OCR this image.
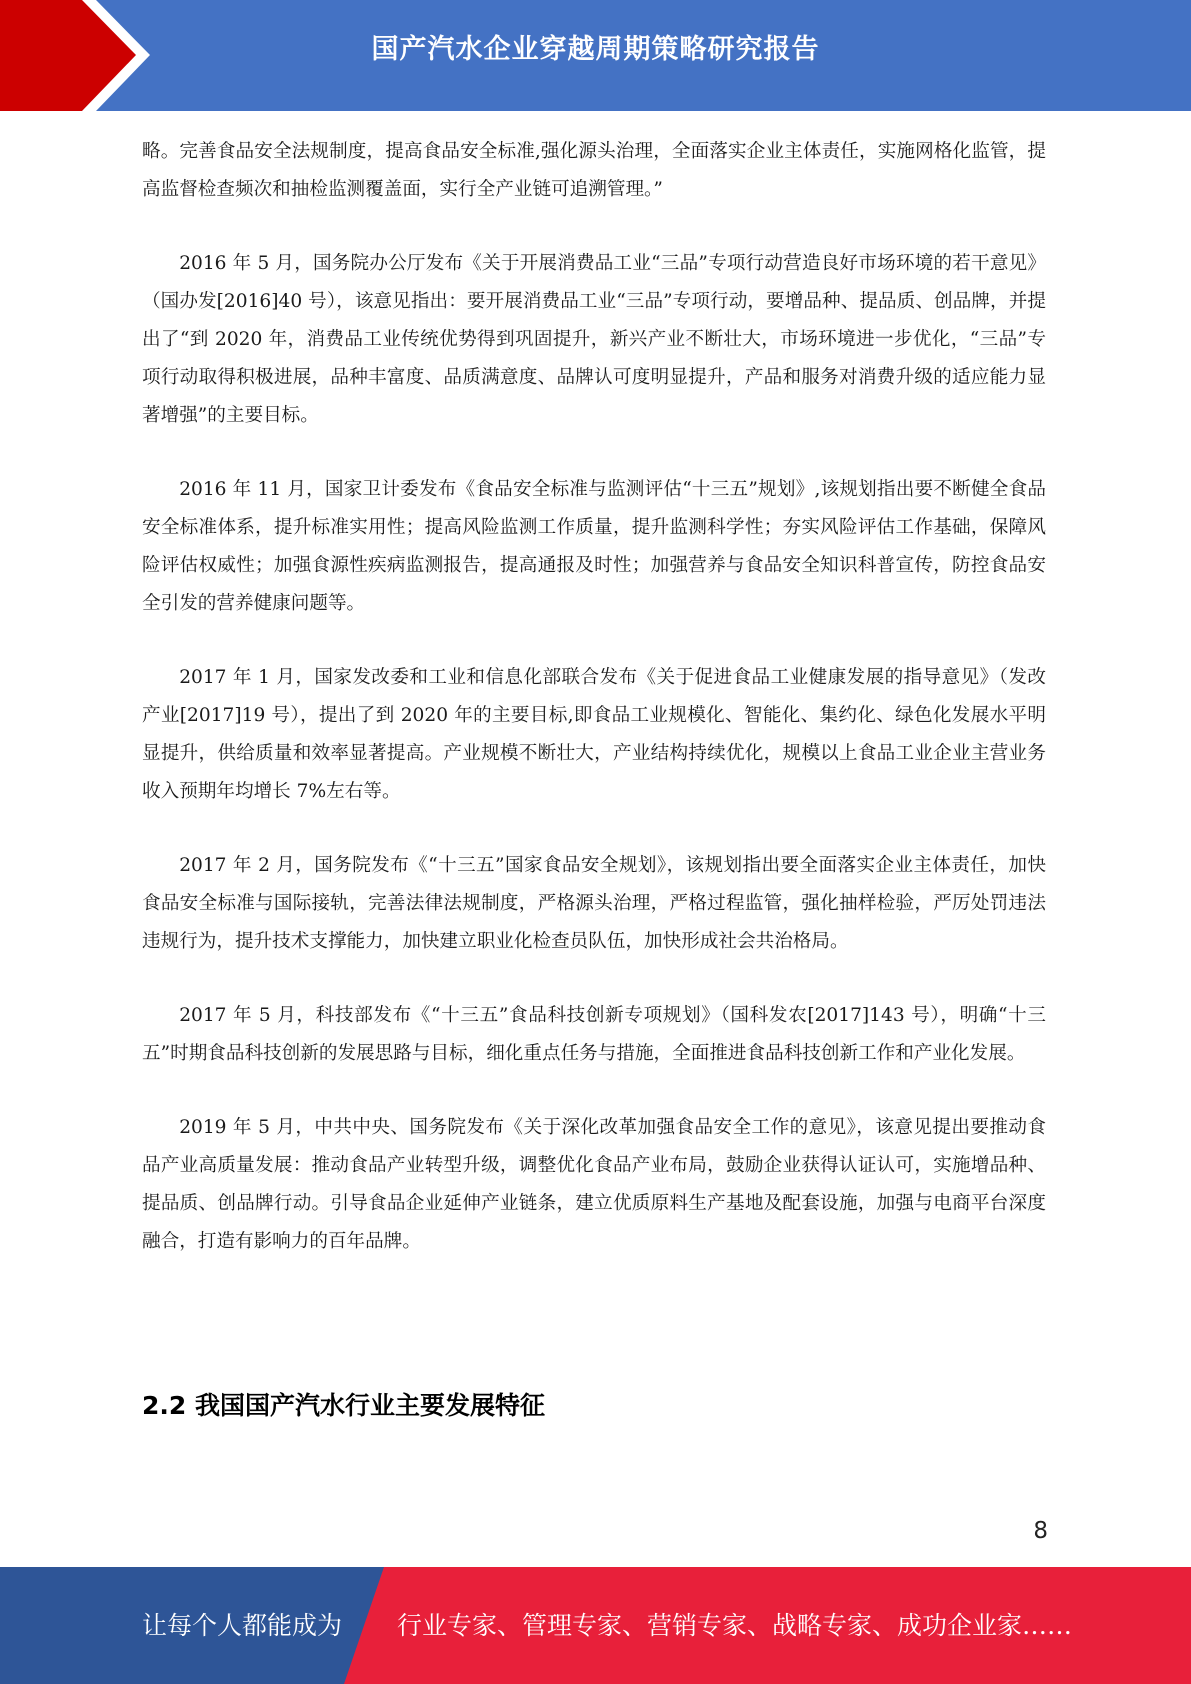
国产汽水企业穿越周期策略研究报告

略。完善食品安全法规制度，提高食品安全标准,强化源头治理，全面落实企业主体责任，实施网格化监管，提高监督检查频次和抽检监测覆盖面，实行全产业链可追溯管理。”

2016 年 5 月，国务院办公厅发布《关于开展消费品工业“三品”专项行动营造良好市场环境的若干意见》（国办发[2016]40 号），该意见指出：要开展消费品工业“三品”专项行动，要增品种、提品质、创品牌，并提出了“到 2020 年，消费品工业传统优势得到巩固提升，新兴产业不断壮大，市场环境进一步优化，“三品”专项行动取得积极进展，品种丰富度、品质满意度、品牌认可度明显提升，产品和服务对消费升级的适应能力显著增强”的主要目标。

2016 年 11 月，国家卫计委发布《食品安全标准与监测评估“十三五”规划》,该规划指出要不断健全食品安全标准体系，提升标准实用性；提高风险监测工作质量，提升监测科学性；夯实风险评估工作基础，保障风险评估权威性；加强食源性疾病监测报告，提高通报及时性；加强营养与食品安全知识科普宣传，防控食品安全引发的营养健康问题等。

2017 年 1 月，国家发改委和工业和信息化部联合发布《关于促进食品工业健康发展的指导意见》（发改产业[2017]19 号），提出了到 2020 年的主要目标,即食品工业规模化、智能化、集约化、绿色化发展水平明显提升，供给质量和效率显著提高。产业规模不断壮大，产业结构持续优化，规模以上食品工业企业主营业务收入预期年均增长 7%左右等。

2017 年 2 月，国务院发布《“十三五”国家食品安全规划》，该规划指出要全面落实企业主体责任，加快食品安全标准与国际接轨，完善法律法规制度，严格源头治理，严格过程监管，强化抽样检验，严厉处罚违法违规行为，提升技术支撑能力，加快建立职业化检查员队伍，加快形成社会共治格局。

2017 年 5 月，科技部发布《“十三五”食品科技创新专项规划》（国科发农[2017]143 号），明确“十三五”时期食品科技创新的发展思路与目标，细化重点任务与措施，全面推进食品科技创新工作和产业化发展。

2019 年 5 月，中共中央、国务院发布《关于深化改革加强食品安全工作的意见》，该意见提出要推动食品产业高质量发展：推动食品产业转型升级，调整优化食品产业布局，鼓励企业获得认证认可，实施增品种、提品质、创品牌行动。引导食品企业延伸产业链条，建立优质原料生产基地及配套设施，加强与电商平台深度融合，打造有影响力的百年品牌。

2.2 我国国产汽水行业主要发展特征
8
让每个人都能成为 行业专家、管理专家、营销专家、战略专家、成功企业家……
